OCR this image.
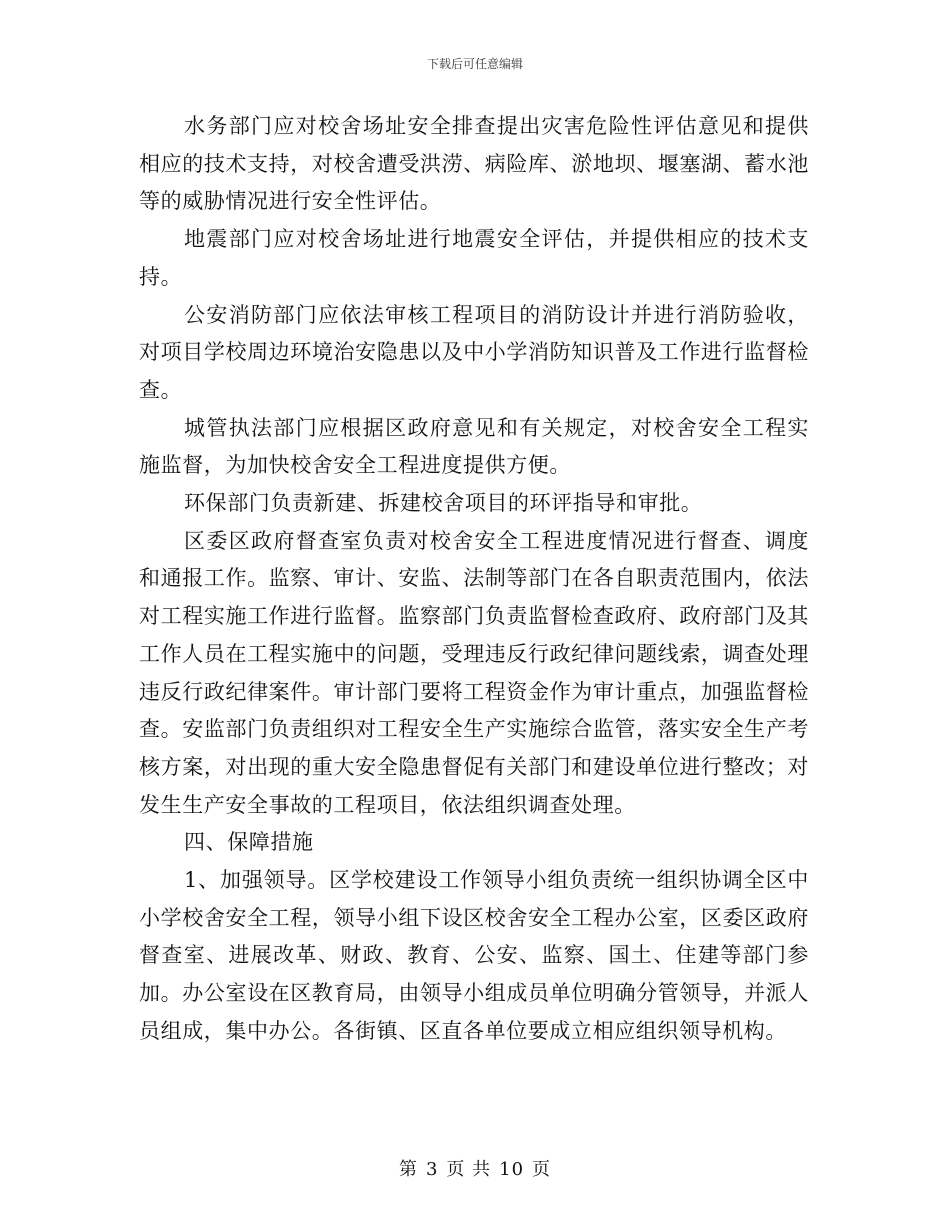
下载后可任意编辑

水务部门应对校舍场址安全排查提出灾害危险性评估意见和提供相应的技术支持，对校舍遭受洪涝、病险库、淤地坝、堰塞湖、蓄水池等的威胁情况进行安全性评估。

地震部门应对校舍场址进行地震安全评估，并提供相应的技术支持。

公安消防部门应依法审核工程项目的消防设计并进行消防验收，对项目学校周边环境治安隐患以及中小学消防知识普及工作进行监督检查。

城管执法部门应根据区政府意见和有关规定，对校舍安全工程实施监督，为加快校舍安全工程进度提供方便。

环保部门负责新建、拆建校舍项目的环评指导和审批。

区委区政府督查室负责对校舍安全工程进度情况进行督查、调度和通报工作。监察、审计、安监、法制等部门在各自职责范围内，依法对工程实施工作进行监督。监察部门负责监督检查政府、政府部门及其工作人员在工程实施中的问题，受理违反行政纪律问题线索，调查处理违反行政纪律案件。审计部门要将工程资金作为审计重点，加强监督检查。安监部门负责组织对工程安全生产实施综合监管，落实安全生产考核方案，对出现的重大安全隐患督促有关部门和建设单位进行整改；对发生生产安全事故的工程项目，依法组织调查处理。

四、保障措施

1、加强领导。区学校建设工作领导小组负责统一组织协调全区中小学校舍安全工程，领导小组下设区校舍安全工程办公室，区委区政府督查室、进展改革、财政、教育、公安、监察、国土、住建等部门参加。办公室设在区教育局，由领导小组成员单位明确分管领导，并派人员组成，集中办公。各街镇、区直各单位要成立相应组织领导机构。

第 3 页 共 10 页
